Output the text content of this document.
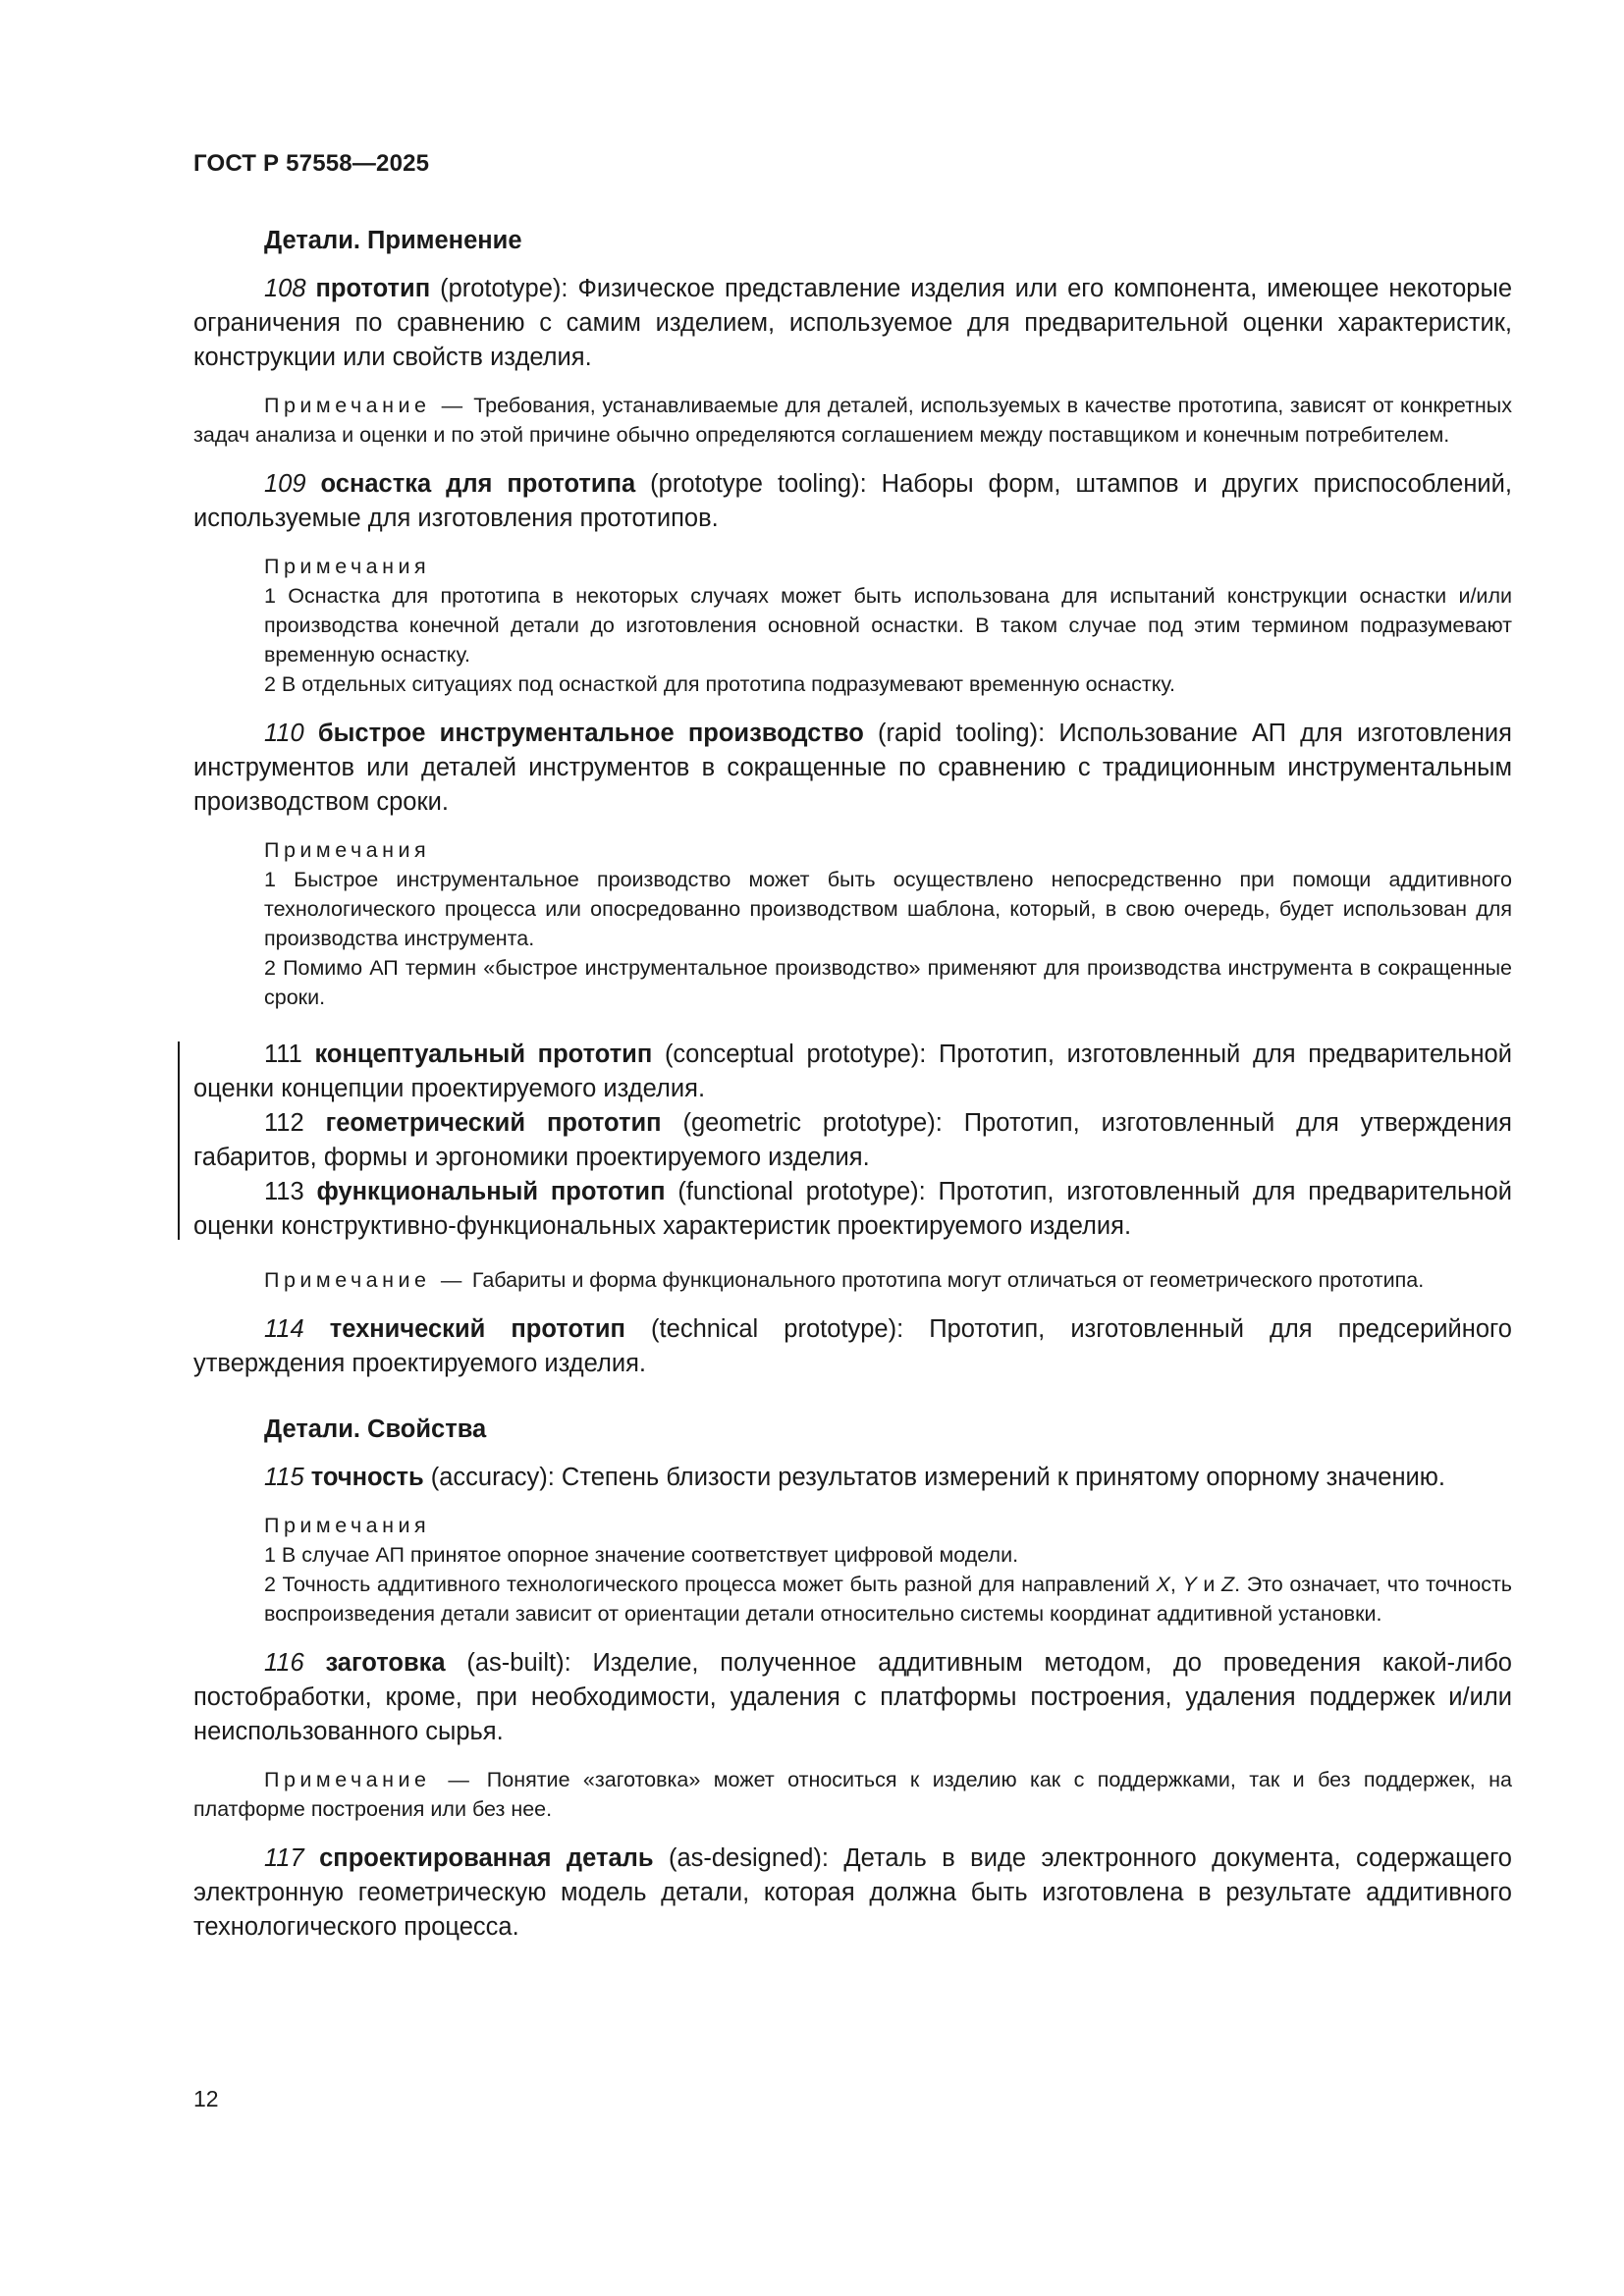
ГОСТ Р 57558—2025
Детали. Применение

108 прототип (prototype): Физическое представление изделия или его компонента, имеющее некоторые ограничения по сравнению с самим изделием, используемое для предварительной оценки характеристик, конструкции или свойств изделия.

Примечание — Требования, устанавливаемые для деталей, используемых в качестве прототипа, зависят от конкретных задач анализа и оценки и по этой причине обычно определяются соглашением между поставщиком и конечным потребителем.

109 оснастка для прототипа (prototype tooling): Наборы форм, штампов и других приспособлений, используемые для изготовления прототипов.

Примечания

1 Оснастка для прототипа в некоторых случаях может быть использована для испытаний конструкции оснастки и/или производства конечной детали до изготовления основной оснастки. В таком случае под этим термином подразумевают временную оснастку.

2 В отдельных ситуациях под оснасткой для прототипа подразумевают временную оснастку.

110 быстрое инструментальное производство (rapid tooling): Использование АП для изготовления инструментов или деталей инструментов в сокращенные по сравнению с традиционным инструментальным производством сроки.

Примечания

1 Быстрое инструментальное производство может быть осуществлено непосредственно при помощи аддитивного технологического процесса или опосредованно производством шаблона, который, в свою очередь, будет использован для производства инструмента.

2 Помимо АП термин «быстрое инструментальное производство» применяют для производства инструмента в сокращенные сроки.

111 концептуальный прототип (conceptual prototype): Прототип, изготовленный для предварительной оценки концепции проектируемого изделия.

112 геометрический прототип (geometric prototype): Прототип, изготовленный для утверждения габаритов, формы и эргономики проектируемого изделия.

113 функциональный прототип (functional prototype): Прототип, изготовленный для предварительной оценки конструктивно-функциональных характеристик проектируемого изделия.

Примечание — Габариты и форма функционального прототипа могут отличаться от геометрического прототипа.

114 технический прототип (technical prototype): Прототип, изготовленный для предсерийного утверждения проектируемого изделия.

Детали. Свойства

115 точность (accuracy): Степень близости результатов измерений к принятому опорному значению.

Примечания

1 В случае АП принятое опорное значение соответствует цифровой модели.

2 Точность аддитивного технологического процесса может быть разной для направлений X, Y и Z. Это означает, что точность воспроизведения детали зависит от ориентации детали относительно системы координат аддитивной установки.

116 заготовка (as-built): Изделие, полученное аддитивным методом, до проведения какой-либо постобработки, кроме, при необходимости, удаления с платформы построения, удаления поддержек и/или неиспользованного сырья.

Примечание — Понятие «заготовка» может относиться к изделию как с поддержками, так и без поддержек, на платформе построения или без нее.

117 спроектированная деталь (as-designed): Деталь в виде электронного документа, содержащего электронную геометрическую модель детали, которая должна быть изготовлена в результате аддитивного технологического процесса.

12
